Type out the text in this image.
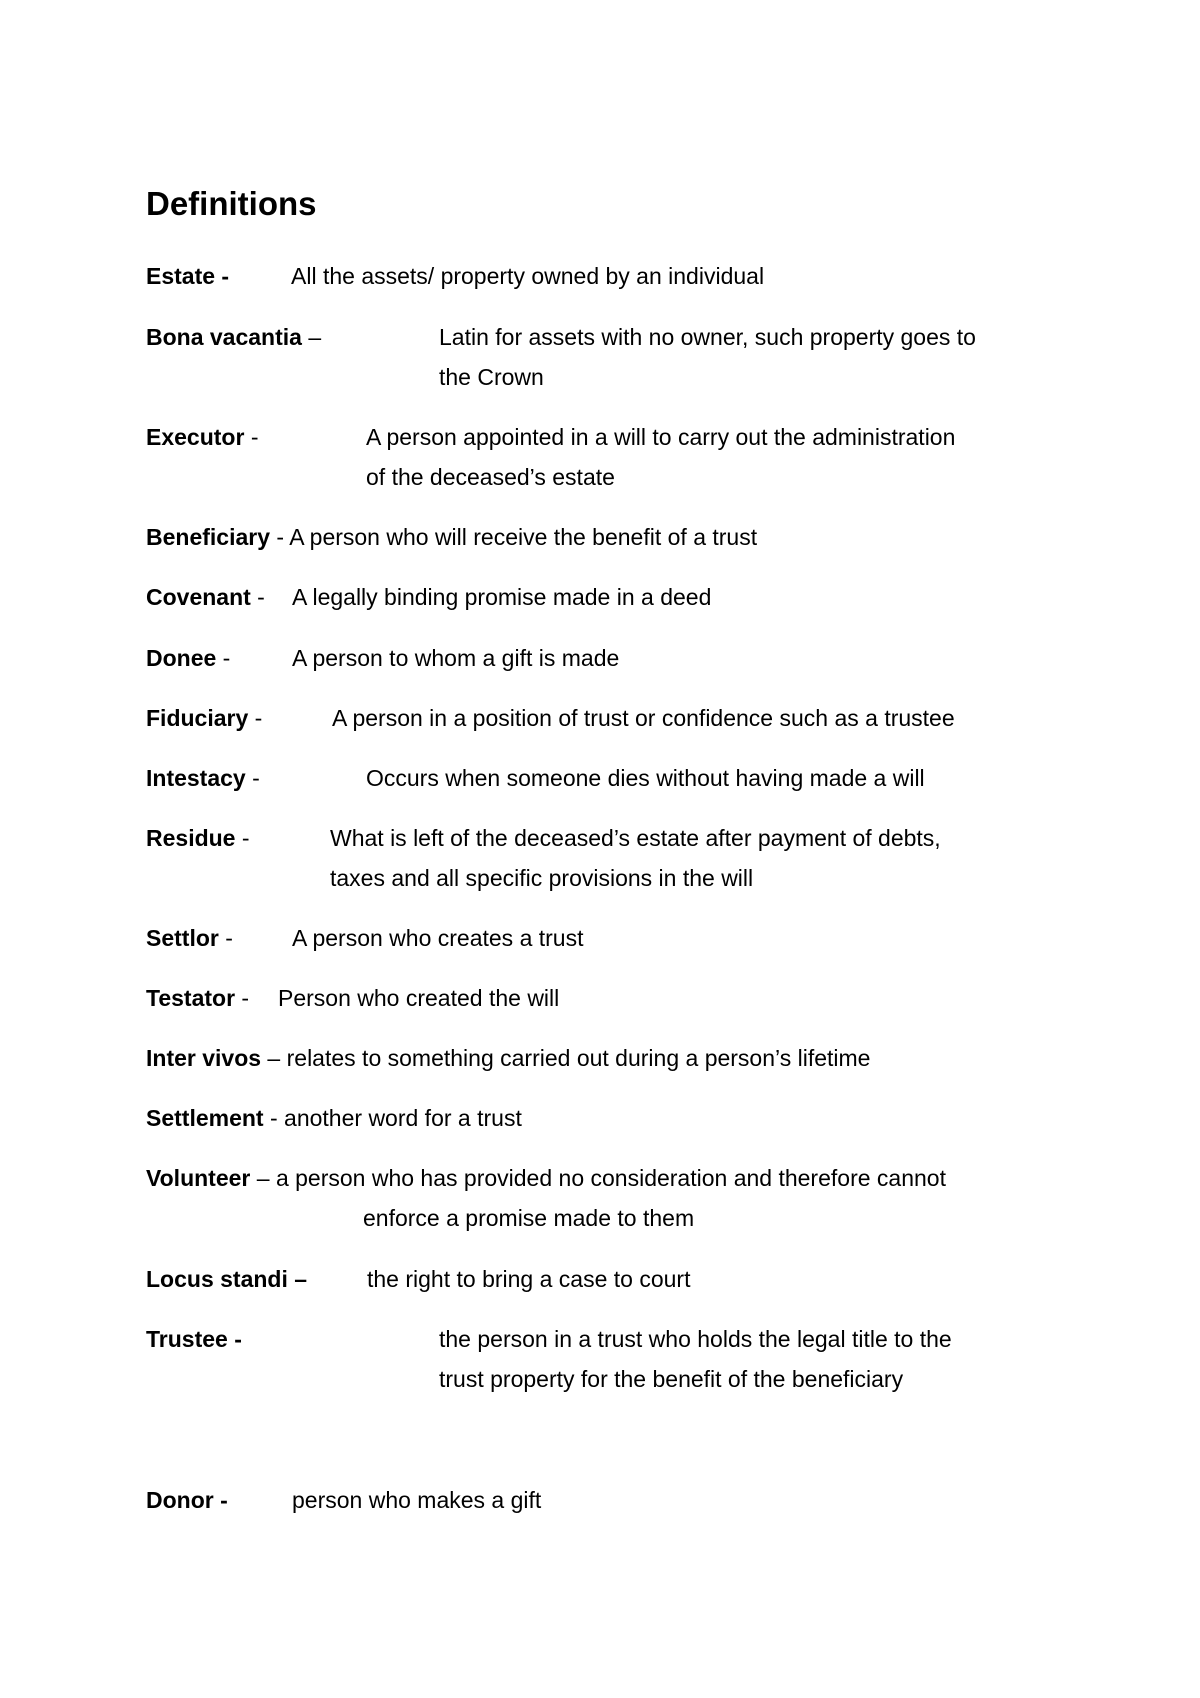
Definitions
Estate -	All the assets/ property owned by an individual
Bona vacantia –	Latin for assets with no owner, such property goes to
the Crown
Executor -	A person appointed in a will to carry out the administration
of the deceased’s estate
Beneficiary - A person who will receive the benefit of a trust
Covenant - A legally binding promise made in a deed
Donee -	A person to whom a gift is made
Fiduciary -	A person in a position of trust or confidence such as a trustee
Intestacy -	Occurs when someone dies without having made a will
Residue -	What is left of the deceased’s estate after payment of debts,
taxes and all specific provisions in the will
Settlor -	A person who creates a trust
Testator - Person who created the will
Inter vivos – relates to something carried out during a person’s lifetime
Settlement - another word for a trust
Volunteer – a person who has provided no consideration and therefore cannot
enforce a promise made to them
Locus standi –	the right to bring a case to court
Trustee -	the person in a trust who holds the legal title to the
trust property for the benefit of the beneficiary
Donor -	person who makes a gift
